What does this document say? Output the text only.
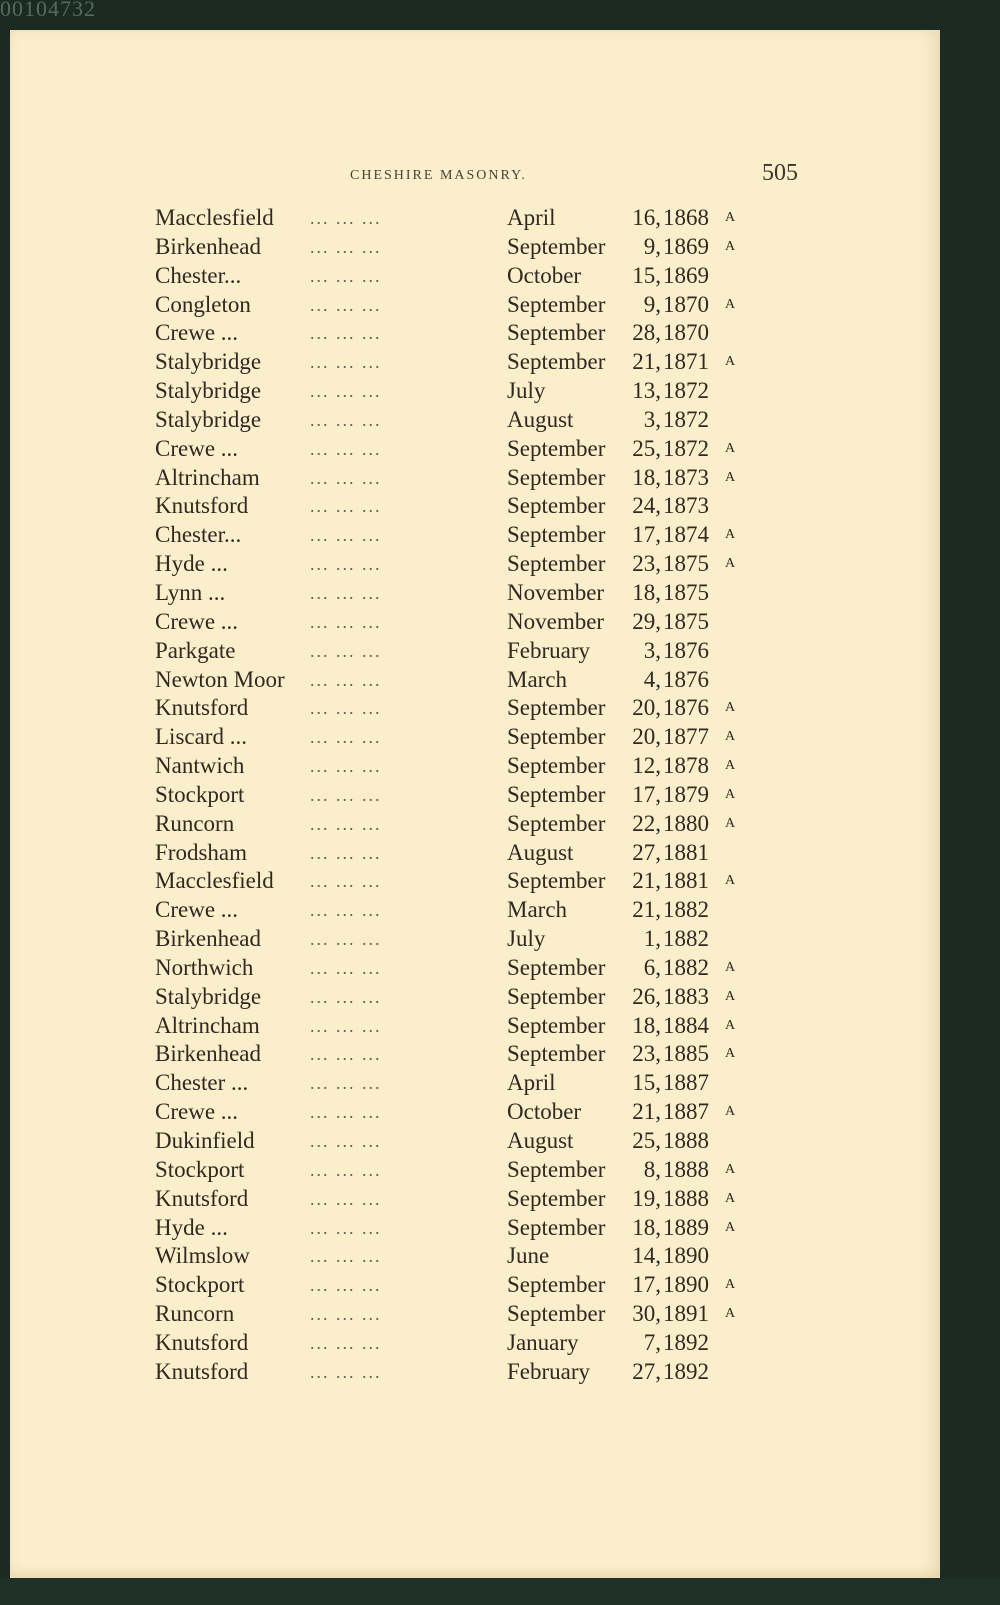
00104732
CHESHIRE MASONRY.	505
Macclesfield ... ... ...	April	16, 1868 A
Birkenhead	... ... ...	September	9, 1869 A
Chester...	... ... ...	October	15, 1869
Congleton	... ... ...	September	9, 1870 A
Crewe ...	... ... ...	September	28, 1870
Stalybridge	... ... ...	September	21, 1871 A
Stalybridge	... ... ...	July	13, 1872
Stalybridge	... ... ...	August	3, 1872
Crewe ...	... ... ...	September	25, 1872 A
Altrincham	... ... ...	September	18, 1873 A
Knutsford	... ... ...	September	24, 1873
Chester...	... ... ...	September	17, 1874 A
Hyde ...	... ... ...	September	23, 1875 A
Lynn ...	... ... ...	November	18, 1875
Crewe ...	... ... ...	November	29, 1875
Parkgate	... ... ...	February	3, 1876
Newton Moor ... ... ...	March	4, 1876
Knutsford	... ... ...	September	20, 1876 A
Liscard ...	... ... ...	September	20, 1877 A
Nantwich	... ... ...	September	12, 1878 A
Stockport	... ... ...	September	17, 1879 A
Runcorn	... ... ...	September	22, 1880 A
Frodsham	... ... ...	August	27, 1881
Macclesfield ... ... ...	September	21, 1881 A
Crewe ...	... ... ...	March	21, 1882
Birkenhead	... ... ...	July	1, 1882
Northwich	... ... ...	September	6, 1882 A
Stalybridge	... ... ...	September	26, 1883 A
Altrincham	... ... ...	September	18, 1884 A
Birkenhead	... ... ...	September	23, 1885 A
Chester ...	... ... ...	April	15, 1887
Crewe ...	... ... ...	October	21, 1887 A
Dukinfield	... ... ...	August	25, 1888
Stockport	... ... ...	September	8, 1888 A
Knutsford	... ... ...	September	19, 1888 A
Hyde ...	... ... ...	September	18, 1889 A
Wilmslow	... ... ...	June	14, 1890
Stockport	... ... ...	September	17, 1890 A
Runcorn	... ... ...	September	30, 1891 A
Knutsford	... ... ...	January	7, 1892
Knutsford	... ... ...	February	27, 1892
